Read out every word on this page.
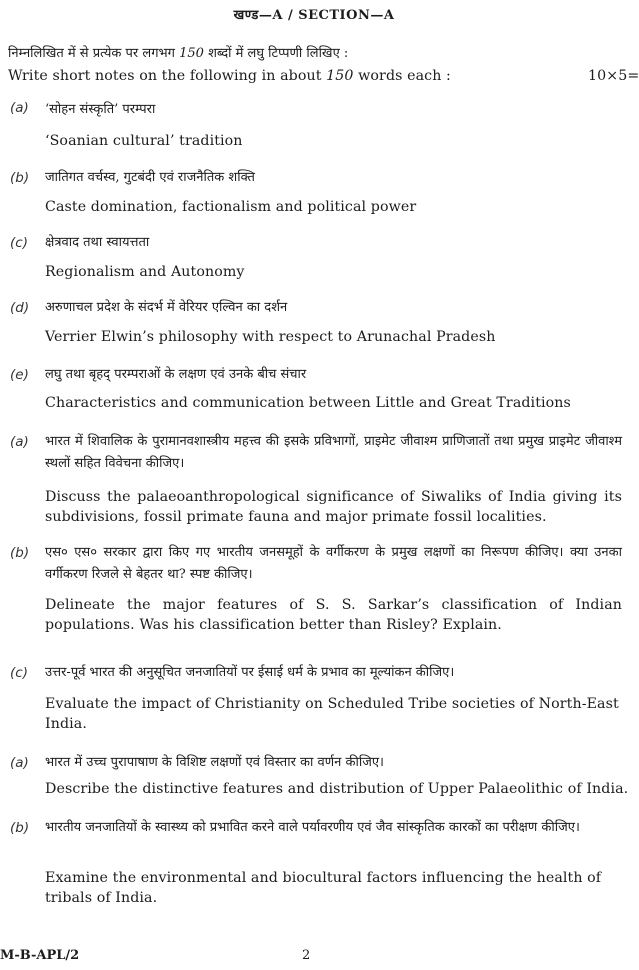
खण्ड—A / SECTION—A
निम्नलिखित में से प्रत्येक पर लगभग 150 शब्दों में लघु टिप्पणी लिखिए :
Write short notes on the following in about 150 words each :	10×5=
(a) ‘सोहन संस्कृति’ परम्परा
‘Soanian cultural’ tradition
(b) जातिगत वर्चस्व, गुटबंदी एवं राजनैतिक शक्ति
Caste domination, factionalism and political power
(c) क्षेत्रवाद तथा स्वायत्तता
Regionalism and Autonomy
(d) अरुणाचल प्रदेश के संदर्भ में वेरियर एल्विन का दर्शन
Verrier Elwin’s philosophy with respect to Arunachal Pradesh
(e) लघु तथा बृहद् परम्पराओं के लक्षण एवं उनके बीच संचार
Characteristics and communication between Little and Great Traditions
(a) भारत में शिवालिक के पुरामानवशास्त्रीय महत्त्व की इसके प्रविभागों, प्राइमेट जीवाश्म प्राणिजातों तथा प्रमुख प्राइमेट जीवाश्म स्थलों सहित विवेचना कीजिए।
Discuss the palaeoanthropological significance of Siwaliks of India giving its subdivisions, fossil primate fauna and major primate fossil localities.
(b) एस० एस० सरकार द्वारा किए गए भारतीय जनसमूहों के वर्गीकरण के प्रमुख लक्षणों का निरूपण कीजिए। क्या उनका वर्गीकरण रिजले से बेहतर था? स्पष्ट कीजिए।
Delineate the major features of S. S. Sarkar’s classification of Indian populations. Was his classification better than Risley? Explain.
(c) उत्तर-पूर्व भारत की अनुसूचित जनजातियों पर ईसाई धर्म के प्रभाव का मूल्यांकन कीजिए।
Evaluate the impact of Christianity on Scheduled Tribe societies of North-East India.
(a) भारत में उच्च पुरापाषाण के विशिष्ट लक्षणों एवं विस्तार का वर्णन कीजिए।
Describe the distinctive features and distribution of Upper Palaeolithic of India.
(b) भारतीय जनजातियों के स्वास्थ्य को प्रभावित करने वाले पर्यावरणीय एवं जैव सांस्कृतिक कारकों का परीक्षण कीजिए।
Examine the environmental and biocultural factors influencing the health of tribals of India.
M-B-APL/2	2
